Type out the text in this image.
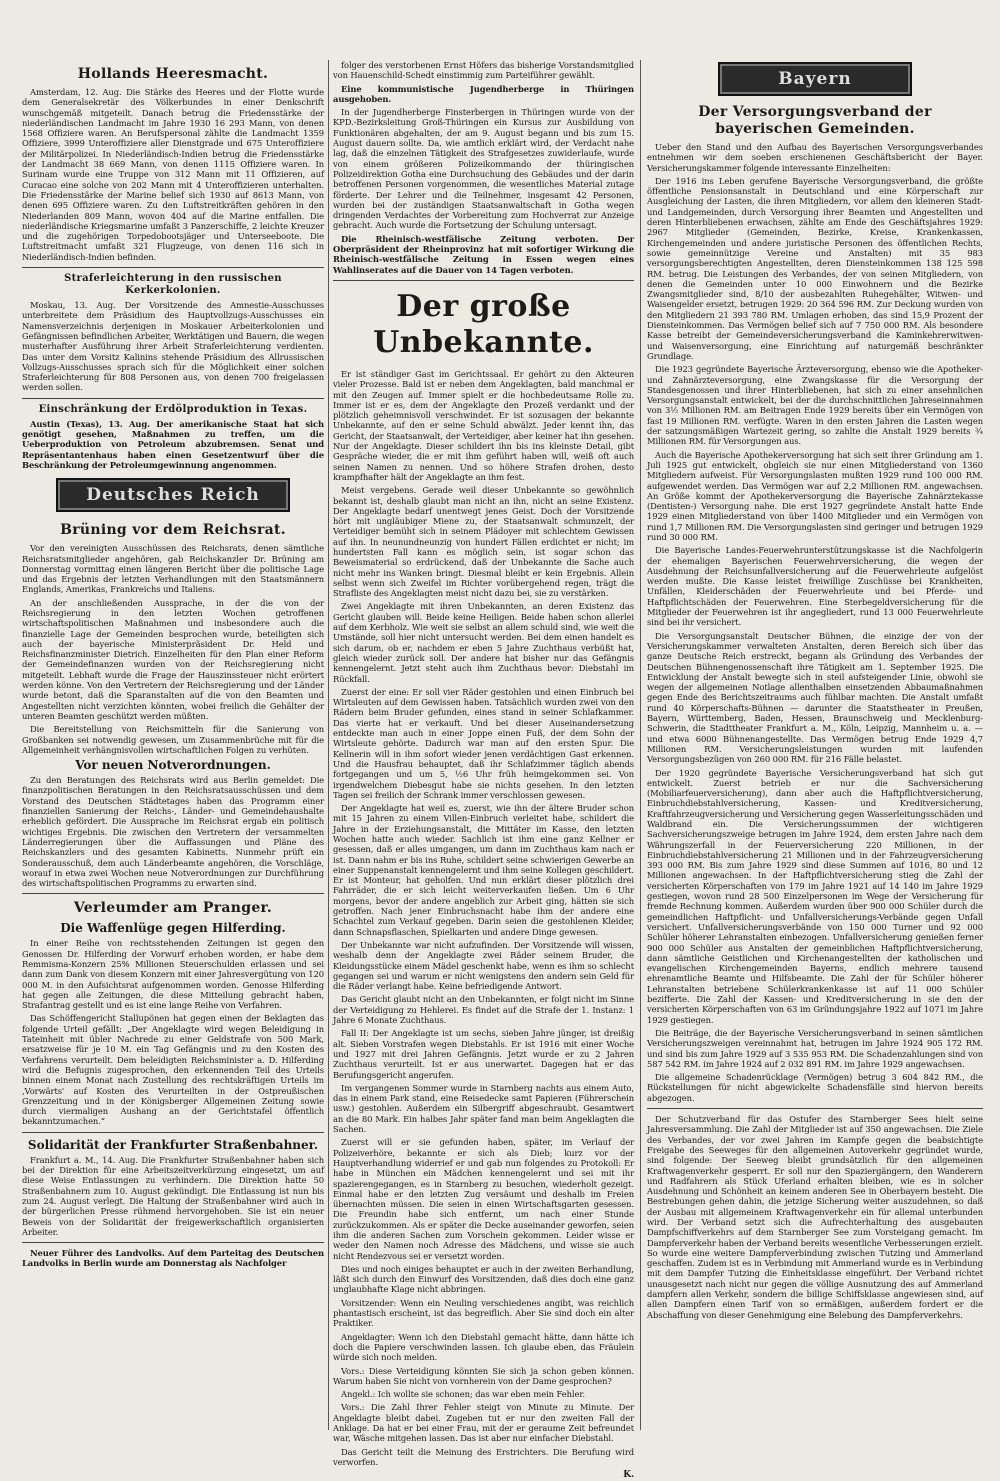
Hollands Heeresmacht.

Amsterdam, 12. Aug. Die Stärke des Heeres und der Flotte wurde dem Generalsekretär des Völkerbundes in einer Denkschrift wunschgemäß mitgeteilt. Danach betrug die Friedensstärke der niederländischen Landmacht im Jahre 1930 16 293 Mann, von denen 1568 Offiziere waren. An Berufspersonal zählte die Landmacht 1359 Offiziere, 3999 Unteroffiziere aller Dienstgrade und 675 Unteroffiziere der Militärpolizei. In Niederländisch-Indien betrug die Friedensstärke der Landmacht 38 669 Mann, von denen 1115 Offiziere waren. In Surinam wurde eine Truppe von 312 Mann mit 11 Offizieren, auf Curacao eine solche von 202 Mann mit 4 Unteroffizieren unterhalten. Die Friedensstärke der Marine belief sich 1930 auf 8613 Mann, von denen 695 Offiziere waren. Zu den Luftstreitkräften gehören in den Niederlanden 809 Mann, wovon 404 auf die Marine entfallen. Die niederländische Kriegsmarine umfaßt 3 Panzerschiffe, 2 leichte Kreuzer und die zugehörigen Torpedobootsjäger und Unterseeboote. Die Luftstreitmacht umfaßt 321 Flugzeuge, von denen 116 sich in Niederländisch-Indien befinden.

Straferleichterung in den russischen Kerkerkolonien.

Moskau, 13. Aug. Der Vorsitzende des Amnestie-Ausschusses unterbreitete dem Präsidium des Hauptvollzugs-Ausschusses ein Namensverzeichnis derjenigen in Moskauer Arbeiterkolonien und Gefängnissen befindlichen Arbeiter, Werktätigen und Bauern, die wegen musterhafter Ausführung ihrer Arbeit Straferleichterung verdienten. Das unter dem Vorsitz Kalinins stehende Präsidium des Allrussischen Vollzugs-Ausschusses sprach sich für die Möglichkeit einer solchen Straferleichterung für 808 Personen aus, von denen 700 freigelassen werden sollen.

Einschränkung der Erdölproduktion in Texas.

Austin (Texas), 13. Aug. Der amerikanische Staat hat sich genötigt gesehen, Maßnahmen zu treffen, um die Ueberproduktion von Petroleum abzubremsen. Senat und Repräsentantenhaus haben einen Gesetzentwurf über die Beschränkung der Petroleumgewinnung angenommen.

Deutsches Reich
Brüning vor dem Reichsrat.

Vor den vereinigten Ausschüssen des Reichsrats, denen sämtliche Reichsratsmitglieder angehören, gab Reichskanzler Dr. Brüning am Donnerstag vormittag einen längeren Bericht über die politische Lage und das Ergebnis der letzten Verhandlungen mit den Staatsmännern Englands, Amerikas, Frankreichs und Italiens.

An der anschließenden Aussprache, in der die von der Reichsregierung in den letzten Wochen getroffenen wirtschaftspolitischen Maßnahmen und insbesondere auch die finanzielle Lage der Gemeinden besprochen wurde, beteiligten sich auch der bayerische Ministerpräsident Dr. Held und Reichsfinanzminister Dietrich. Einzelheiten für den Plan einer Reform der Gemeindefinanzen wurden von der Reichsregierung nicht mitgeteilt. Lebhaft wurde die Frage der Hauszinssteuer nicht erörtert werden könne. Von den Vertretern der Reichsregierung und der Länder wurde betont, daß die Sparanstalten auf die von den Beamten und Angestellten nicht verzichten könnten, wobei freilich die Gehälter der unteren Beamten geschützt werden müßten.

Die Bereitstellung von Reichsmitteln für die Sanierung von Großbanken sei notwendig gewesen, um Zusammenbrüche mit für die Allgemeinheit verhängnisvollen wirtschaftlichen Folgen zu verhüten.

Vor neuen Notverordnungen.

Zu den Beratungen des Reichsrats wird aus Berlin gemeldet: Die finanzpolitischen Beratungen in den Reichsratsausschüssen und dem Vorstand des Deutschen Städtetages haben das Programm einer finanziellen Sanierung der Reichs-, Länder- und Gemeindehaushalte erheblich gefördert. Die Aussprache im Reichsrat ergab ein politisch wichtiges Ergebnis. Die zwischen den Vertretern der versammelten Länderregierungen über die Auffassungen und Pläne des Reichskanzlers und des gesamten Kabinetts. Nunmehr prüft ein Sonderausschuß, dem auch Länderbeamte angehören, die Vorschläge, worauf in etwa zwei Wochen neue Notverordnungen zur Durchführung des wirtschaftspolitischen Programms zu erwarten sind.

Verleumder am Pranger.
Die Waffenlüge gegen Hilferding.

In einer Reihe von rechtsstehenden Zeitungen ist gegen den Genossen Dr. Hilferding der Vorwurf erhoben worden, er habe dem Remmisma-Konzern 25% Millionen Steuerschulden erlassen und sei dann zum Dank von diesem Konzern mit einer Jahresvergütung von 120 000 M. in den Aufsichtsrat aufgenommen worden. Genosse Hilferding hat gegen alle Zeitungen, die diese Mitteilung gebracht haben, Strafantrag gestellt und es ist eine lange Reihe von Verfahren.

Das Schöffengericht Stallupönen hat gegen einen der Beklagten das folgende Urteil gefällt: „Der Angeklagte wird wegen Beleidigung in Tateinheit mit übler Nachrede zu einer Geldstrafe von 500 Mark, ersatzweise für je 10 M. ein Tag Gefängnis und zu den Kosten des Verfahrens verurteilt. Dem beleidigten Reichsminister a. D. Hilferding wird die Befugnis zugesprochen, den erkennenden Teil des Urteils binnen einem Monat nach Zustellung des rechtskräftigen Urteils im ‚Vorwärts' auf Kosten des Verurteilten in der Ostpreußischen Grenzzeitung und in der Königsberger Allgemeinen Zeitung sowie durch viermaligen Aushang an der Gerichtstafel öffentlich bekanntzumachen.“

Solidarität der Frankfurter Straßenbahner.

Frankfurt a. M., 14. Aug. Die Frankfurter Straßenbahner haben sich bei der Direktion für eine Arbeitszeitverkürzung eingesetzt, um auf diese Weise Entlassungen zu verhindern. Die Direktion hatte 50 Straßenbahnern zum 10. August gekündigt. Die Entlassung ist nun bis zum 24. August verlegt. Die Haltung der Straßenbahner wird auch in der bürgerlichen Presse rühmend hervorgehoben. Sie ist ein neuer Beweis von der Solidarität der freigewerkschaftlich organisierten Arbeiter.

Neuer Führer des Landvolks. Auf dem Parteitag des Deutschen Landvolks in Berlin wurde am Donnerstag als Nachfolger

folger des verstorbenen Ernst Höfers das bisherige Vorstandsmitglied von Hauenschild-Schedt einstimmig zum Parteiführer gewählt.

Eine kommunistische Jugendherberge in Thüringen ausgehoben.

In der Jugendherberge Finsterbergen in Thüringen wurde von der KPD.-Bezirksleitung Groß-Thüringen ein Kursus zur Ausbildung von Funktionären abgehalten, der am 9. August begann und bis zum 15. August dauern sollte. Da, wie amtlich erklärt wird, der Verdacht nahe lag, daß die einzelnen Tätigkeit des Strafgesetzes zuwiderlaufe, wurde von einem größeren Polizeikommando der thüringischen Polizeidirektion Gotha eine Durchsuchung des Gebäudes und der darin betroffenen Personen vorgenommen, die wesentliches Material zutage förderte. Der Lehrer und die Teilnehmer, insgesamt 42 Personen, wurden bei der zuständigen Staatsanwaltschaft in Gotha wegen dringenden Verdachtes der Vorbereitung zum Hochverrat zur Anzeige gebracht. Auch wurde die Fortsetzung der Schulung untersagt.

Die Rheinisch-westfälische Zeitung verboten. Der Oberpräsident der Rheinprovinz hat mit sofortiger Wirkung die Rheinisch-westfälische Zeitung in Essen wegen eines Wahlinserates auf die Dauer von 14 Tagen verboten.

Der große Unbekannte.

Er ist ständiger Gast im Gerichtssaal. Er gehört zu den Akteuren vieler Prozesse. Bald ist er neben dem Angeklagten, bald manchmal er mit den Zeugen auf. Immer spielt er die hochbedeutsame Rolle zu. Immer ist er es, dem der Angeklagte den Prozeß verdankt und der plötzlich geheimnisvoll verschwindet. Er ist sozusagen der bekannte Unbekannte, auf den er seine Schuld abwälzt. Jeder kennt ihn, das Gericht, der Staatsanwalt, der Verteidiger, aber keiner hat ihn gesehen. Nur der Angeklagte. Dieser schildert ihn bis ins kleinste Detail, gibt Gespräche wieder, die er mit ihm geführt haben will, weiß oft auch seinen Namen zu nennen. Und so höhere Strafen drohen, desto krampfhafter hält der Angeklagte an ihm fest.

Meist vergebens. Gerade weil dieser Unbekannte so gewöhnlich bekannt ist, deshalb glaubt man nicht an ihn, nicht an seine Existenz. Der Angeklagte bedarf unentwegt jenes Geist. Doch der Vorsitzende hört mit ungläubiger Miene zu, der Staatsanwalt schmunzelt, der Verteidiger bemüht sich in seinem Plädoyer mit schlechtem Gewissen auf ihn. In neunundneunzig von hundert Fällen erdichtet er nicht; im hundertsten Fall kann es möglich sein, ist sogar schon das Beweismaterial so erdrückend, daß der Unbekannte die Sache auch nicht mehr ins Wanken bringt. Diesmal bleibt er kein Ergebnis. Allein selbst wenn sich Zweifel im Richter vorübergehend regen, trägt die Strafliste des Angeklagten meist nicht dazu bei, sie zu verstärken.

Zwei Angeklagte mit ihren Unbekannten, an deren Existenz das Gericht glauben will. Beide keine Heiligen. Beide haben schon allerlei auf dem Kerbholz. Wie weit sie selbst an allem schuld sind, wie weit die Umstände, soll hier nicht untersucht werden. Bei dem einen handelt es sich darum, ob er, nachdem er eben 5 Jahre Zuchthaus verbüßt hat, gleich wieder zurück soll. Der andere hat bisher nur das Gefängnis kennengelernt. Jetzt steht auch ihm Zuchthaus bevor: Diebstahl im Rückfall.

Zuerst der eine: Er soll vier Räder gestohlen und einen Einbruch bei Wirtsleuten auf dem Gewissen haben. Tatsächlich wurden zwei von den Rädern beim Bruder gefunden, eines stand in seiner Schlafkammer. Das vierte hat er verkauft. Und bei dieser Auseinandersetzung entdeckte man auch in einer Joppe einen Fuß, der dem Sohn der Wirtsleute gehörte. Dadurch war man auf den ersten Spur. Die Kellnerin will in ihm sofort wieder jenen verdächtigen Gast erkennen. Und die Hausfrau behauptet, daß ihr Schlafzimmer täglich abends fortgegangen und um 5, ½6 Uhr früh heimgekommen sei. Von irgendwelchem Diebesgut habe sie nichts gesehen. In den letzten Tagen sei freilich der Schrank immer verschlossen gewesen.

Der Angeklagte hat weil es, zuerst, wie ihn der ältere Bruder schon mit 15 Jahren zu einem Villen-Einbruch verleitet habe, schildert die Jahre in der Erziehungsanstalt, die Mittäter im Kasse, den letzten Wochen hatte auch wieder. Sachlich ist ihm eine ganz Kellner er gesessen, daß er alles umgangen, um dann im Zuchthaus kam nach er ist. Dann nahm er bis ins Ruhe, schildert seine schwierigen Gewerbe an einer Suppenanstalt kennengelernt und ihm seine Kollegen geschildert. Er ist Monteur, hat geholfen. Und nun erklärt dieser plötzlich drei Fahrräder, die er sich leicht weiterverkaufen ließen. Um 6 Uhr morgens, bevor der andere angeblich zur Arbeit ging, hätten sie sich getroffen. Nach jener Einbruchsnacht habe ihm der andere eine Schachtel zum Verkauf gegeben. Darin seien die gestohlenen Kleider, dann Schnapsflaschen, Spielkarten und andere Dinge gewesen.

Der Unbekannte war nicht aufzufinden. Der Vorsitzende will wissen, weshalb denn der Angeklagte zwei Räder seinem Bruder, die Kleidungsstücke einem Mädel geschenkt habe, wenn es ihm so schlecht gegangen sei und warum er nicht wenigstens den andern sein Geld für die Räder verlangt habe. Keine befriedigende Antwort.

Das Gericht glaubt nicht an den Unbekannten, er folgt nicht im Sinne der Verteidigung zu Hehlerei. Es findet auf die Strafe der 1. Instanz: 1 Jahre 6 Monate Zuchthaus.

Fall II: Der Angeklagte ist um sechs, sieben Jahre jünger, ist dreißig alt. Sieben Vorstrafen wegen Diebstahls. Er ist 1916 mit einer Woche und 1927 mit drei Jahren Gefängnis. Jetzt wurde er zu 2 Jahren Zuchthaus verurteilt. Ist er aus unerwartet. Dagegen hat er das Berufungsgericht angerufen.

Im vergangenen Sommer wurde in Starnberg nachts aus einem Auto, das in einem Park stand, eine Reisedecke samt Papieren (Führerschein usw.) gestohlen. Außerdem ein Silbergriff abgeschraubt. Gesamtwert an die 80 Mark. Ein halbes Jahr später fand man beim Angeklagten die Sachen.

Zuerst will er sie gefunden haben, später, im Verlauf der Polizeiverhöre, bekannte er sich als Dieb; kurz vor der Hauptverhandlung widerrief er und gab nun folgendes zu Protokoll: Er habe in München ein Mädchen kennengelernt und sei mit ihr spazierengegangen, es in Starnberg zu besuchen, wiederholt gezeigt. Einmal habe er den letzten Zug versäumt und deshalb im Freien übernachten müssen. Die seien in einen Wirtschaftsgarten gesessen. Die Freundin habe sich entfernt, um nach einer Stunde zurückzukommen. Als er später die Decke auseinander geworfen, seien ihm die anderen Sachen zum Vorschein gekommen. Leider wisse er weder den Namen noch Adresse des Mädchens, und wisse sie auch nicht Rendezvous sei er versetzt worden.

Dies und noch einiges behauptet er auch in der zweiten Berhandlung, läßt sich durch den Einwurf des Vorsitzenden, daß dies doch eine ganz unglaubhafte Klage nicht abbringen.

Vorsitzender: Wenn ein Neuling verschiedenes angibt, was reichlich phantastisch erscheint, ist das begreiflich. Aber Sie sind doch ein alter Praktiker.

Angeklagter: Wenn ich den Diebstahl gemacht hätte, dann hätte ich doch die Papiere verschwinden lassen. Ich glaube eben, das Fräulein würde sich noch melden.

Vors.: Diese Verteidigung könnten Sie sich ja schon geben können. Warum haben Sie nicht von vornherein von der Dame gesprochen?

Angekl.: Ich wollte sie schonen; das war eben mein Fehler.

Vors.: Die Zahl Ihrer Fehler steigt von Minute zu Minute. Der Angeklagte bleibt dabei. Zugeben tut er nur den zweiten Fall der Anklage. Da hat er bei einer Frau, mit der er geraume Zeit befreundet war, Wäsche mitgehen lassen. Das ist aber nur einfacher Diebstahl.

Das Gericht teilt die Meinung des Erstrichters. Die Berufung wird verworfen.

K.

Bayern
Der Versorgungsverband der bayerischen Gemeinden.

Ueber den Stand und den Aufbau des Bayerischen Versorgungsverbandes entnehmen wir dem soeben erschienenen Geschäftsbericht der Bayer. Versicherungskammer folgende interessante Einzelheiten:

Der 1916 ins Leben gerufene Bayerische Versorgungsverband, die größte öffentliche Pensionsanstalt in Deutschland und eine Körperschaft zur Ausgleichung der Lasten, die ihren Mitgliedern, vor allem den kleineren Stadt- und Landgemeinden, durch Versorgung ihrer Beamten und Angestellten und deren Hinterbliebenen erwachsen, zählte am Ende des Geschäftsjahres 1929: 2967 Mitglieder (Gemeinden, Bezirke, Kreise, Krankenkassen, Kirchengemeinden und andere juristische Personen des öffentlichen Rechts, sowie gemeinnützige Vereine und Anstalten) mit 35 983 versorgungsberechtigten Angestellten, deren Diensteinkommen 138 125 598 RM. betrug. Die Leistungen des Verbandes, der von seinen Mitgliedern, von denen die Gemeinden unter 10 000 Einwohnern und die Bezirke Zwangsmitglieder sind, 8/10 der ausbezahlten Ruhegehälter, Witwen- und Waisengelder ersetzt, betrugen 1929: 20 364 596 RM. Zur Deckung wurden von den Mitgliedern 21 393 780 RM. Umlagen erhoben, das sind 15,9 Prozent der Diensteinkommen. Das Vermögen belief sich auf 7 750 000 RM. Als besondere Kasse betreibt der Gemeindeversicherungsverband die Kaminkehrerwitwen- und Waisenversorgung, eine Einrichtung auf naturgemäß beschränkter Grundlage.

Die 1923 gegründete Bayerische Ärzteversorgung, ebenso wie die Apotheker- und Zahnärzteversorgung, eine Zwangskasse für die Versorgung der Standesgenossen und ihrer Hinterbliebenen, hat sich zu einer ansehnlichen Versorgungsanstalt entwickelt, bei der die durchschnittlichen Jahreseinnahmen von 3½ Millionen RM. am Beitragen Ende 1929 bereits über ein Vermögen von fast 19 Millionen RM. verfügte. Waren in den ersten Jahren die Lasten wegen der satzungsmäßigen Wartezeit gering, so zahlte die Anstalt 1929 bereits ¾ Millionen RM. für Versorgungen aus.

Auch die Bayerische Apothekerversorgung hat sich seit ihrer Gründung am 1. Juli 1925 gut entwickelt, obgleich sie nur einen Mitgliederstand von 1360 Mitgliedern aufweist. Für Versorgungslasten mußten 1929 rund 100 000 RM. aufgewendet werden. Das Vermögen war auf 2,2 Millionen RM. angewachsen. An Größe kommt der Apothekerversorgung die Bayerische Zahnärztekasse (Dentisten-) Versorgung nahe. Die erst 1927 gegründete Anstalt hatte Ende 1929 einen Mitgliederstand von über 1400 Mitglieder und ein Vermögen von rund 1,7 Millionen RM. Die Versorgungslasten sind geringer und betrugen 1929 rund 30 000 RM.

Die Bayerische Landes-Feuerwehrunterstützungskasse ist die Nachfolgerin der ehemaligen Bayerischen Feuerwehrversicherung, die wegen der Ausdehnung der Reichsunfallversicherung auf die Feuerwehrleute aufgelöst werden mußte. Die Kasse leistet freiwillige Zuschüsse bei Krankheiten, Unfällen, Kleiderschäden der Feuerwehrleute und bei Pferde- und Haftpflichtschäden der Feuerwehren. Eine Sterbegeldversicherung für die Mitglieder der Feuerwehren ist ihr angegliedert, rund 13 000 Feuerwehrleute sind bei ihr versichert.

Die Versorgungsanstalt Deutscher Bühnen, die einzige der von der Versicherungskammer verwalteten Anstalten, deren Bereich sich über das ganze Deutsche Reich erstreckt, begann als Gründung des Verbandes der Deutschen Bühnengenossenschaft ihre Tätigkeit am 1. September 1925. Die Entwicklung der Anstalt bewegte sich in steil aufsteigender Linie, obwohl sie wegen der allgemeinen Notlage allenthalben einsetzenden Abbaumaßnahmen gegen Ende des Berichtszeitraums auch fühlbar machten. Die Anstalt umfaßt rund 40 Körperschafts-Bühnen — darunter die Staatstheater in Preußen, Bayern, Württemberg, Baden, Hessen, Braunschweig und Mecklenburg-Schwerin, die Stadttheater Frankfurt a. M., Köln, Leipzig, Mannheim u. a. — und etwa 6000 Bühnenangestellte. Das Vermögen betrug Ende 1929 4,7 Millionen RM. Versicherungsleistungen wurden mit laufenden Versorgungsbezügen von 260 000 RM. für 216 Fälle belastet.

Der 1920 gegründete Bayerische Versicherungsverband hat sich gut entwickelt. Zuerst betrieb er nur die Sachversicherung (Mobiliarfeuerversicherung), dann aber auch die Haftpflichtversicherung, Einbruchdiebstahlversicherung, Kassen- und Kreditversicherung, Kraftfahrzeugversicherung und Versicherung gegen Wasserleitungsschäden und Waldbrand ein. Die Versicherungssummen der wichtigeren Sachversicherungszweige betrugen im Jahre 1924, dem ersten Jahre nach dem Währungszerfall in der Feuerversicherung 220 Millionen, in der Einbruchdiebstahlversicherung 21 Millionen und in der Fahrzeugversicherung 393 000 RM. Bis zum Jahre 1929 sind diese Summen auf 1016, 80 und 12 Millionen angewachsen. In der Haftpflichtversicherung stieg die Zahl der versicherten Körperschaften von 179 im Jahre 1921 auf 14 140 im Jahre 1929 gestiegen, wovon rund 28 500 Einzelpersonen im Wege der Versicherung für fremde Rechnung kommen. Außerdem wurden über 900 000 Schüler durch die gemeindlichen Haftpflicht- und Unfallversicherungs-Verbände gegen Unfall versichert. Unfallversicherungsverbände von 150 000 Turner und 92 000 Schüler höherer Lehranstalten einbezogen. Unfallversicherung genießen ferner 900 000 Schüler aus Anstalten der gemeinblichen Haftpflichtversicherung, dann sämtliche Geistlichen und Kirchenangestellten der katholischen und evangelischen Kirchengemeinden Bayerns, endlich mehrere tausend ehrenamtliche Beamte und Hilfsbeamte. Die Zahl der für Schüler höherer Lehranstalten betriebene Schülerkrankenkasse ist auf 11 000 Schüler bezifferte. Die Zahl der Kassen- und Kreditversicherung in sie den der versicherten Körperschaften von 63 im Gründungsjahre 1922 auf 1071 im Jahre 1929 gestiegen.

Die Beiträge, die der Bayerische Versicherungsverband in seinen sämtlichen Versicherungszweigen vereinnahmt hat, betrugen im Jahre 1924 905 172 RM. und sind bis zum Jahre 1929 auf 3 535 953 RM. Die Schadenzahlungen sind von 587 542 RM. im Jahre 1924 auf 2 032 891 RM. im Jahre 1929 angewachsen.

Die allgemeine Schadenrücklage (Vermögen) betrug 3 604 842 RM., die Rückstellungen für nicht abgewickelte Schadensfälle sind hiervon bereits abgezogen.

Der Schutzverband für das Ostufer des Starnberger Sees hielt seine Jahresversammlung. Die Zahl der Mitglieder ist auf 350 angewachsen. Die Ziele des Verbandes, der vor zwei Jahren im Kampfe gegen die beabsichtigte Freigabe des Seeweges für den allgemeinen Autoverkehr gegründet wurde, sind folgende: Der Seeweg bleibt grundsätzlich für den allgemeinen Kraftwagenverkehr gesperrt. Er soll nur den Spaziergängern, den Wanderern und Radfahrern als Stück Uferland erhalten bleiben, wie es in solcher Ausdehnung und Schönheit an keinem anderen See in Oberbayern besteht. Die Bestrebungen gehen dahin, die jetzige Sicherung weiter auszudehnen, so daß der Ausbau mit allgemeinem Kraftwagenverkehr ein für allemal unterbunden wird. Der Verband setzt sich die Aufrechterhaltung des ausgebauten Dampfschiffverkehrs auf dem Starnberger See zum Vorsteigang gemacht. Im Dampferverkehr haben der Verband bereits wesentliche Verbesserungen erzielt. So wurde eine weitere Dampferverbindung zwischen Tutzing und Ammerland geschaffen. Zudem ist es in Verbindung mit Ammerland wurde es in Verbindung mit dem Dampfer Tutzing die Einheitsklasse eingeführt. Der Verband richtet unausgesetzt nach nicht nur gegen die völlige Ausnutzung des auf Ammerland dampfern allen Verkehr, sondern die billige Schiffsklasse angewiesen sind, auf allen Dampfern einen Tarif von so ermäßigen, außerdem fordert er die Abschaffung von dieser Genehmigung eine Belebung des Dampferverkehrs.
